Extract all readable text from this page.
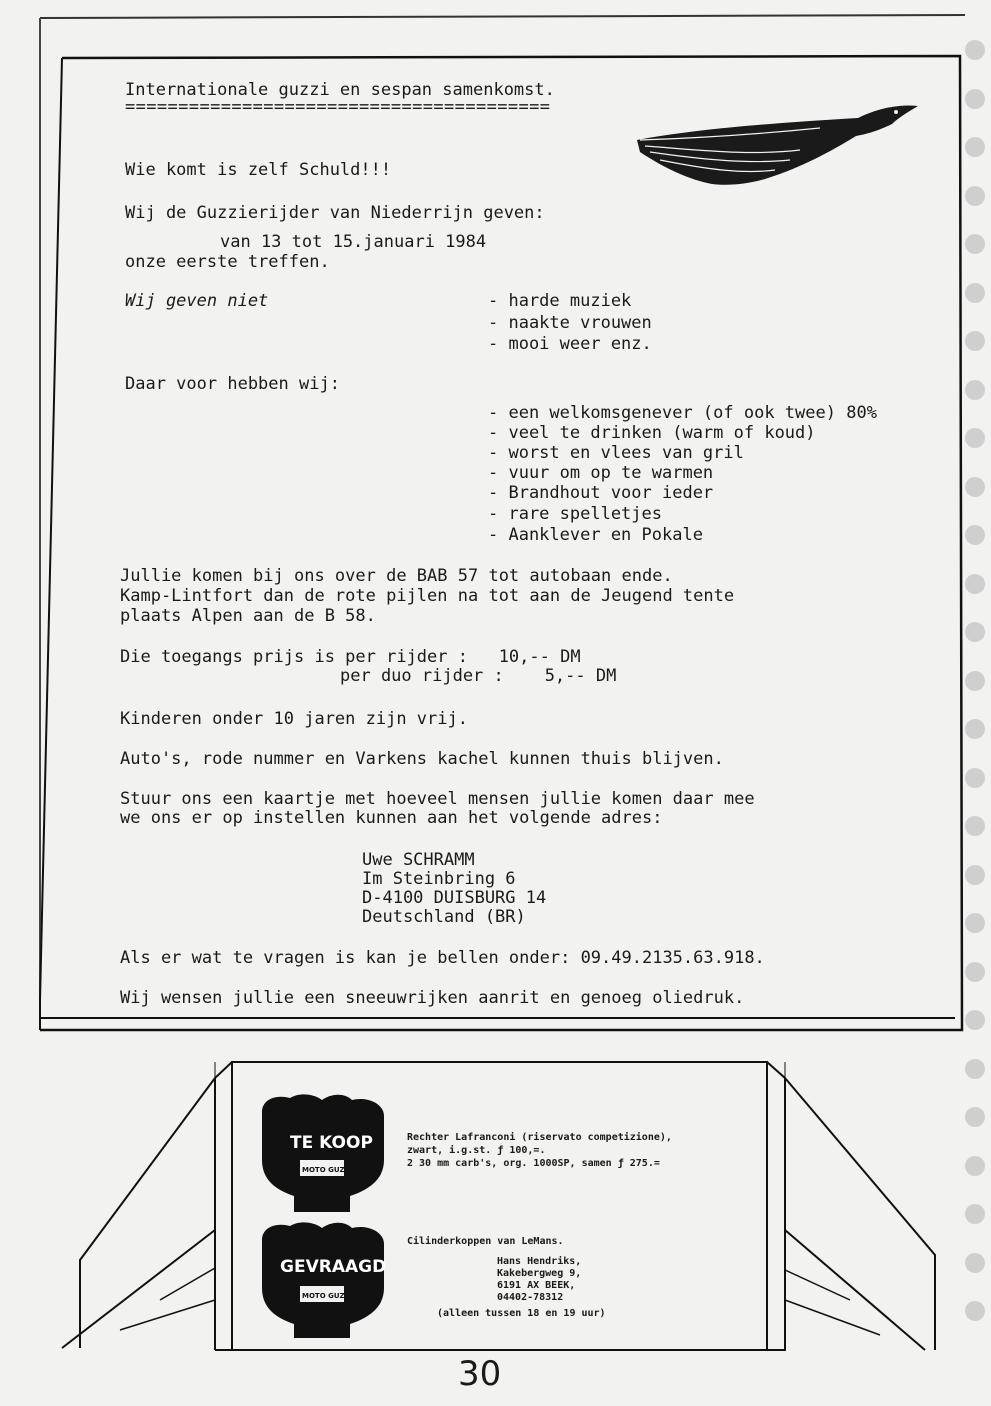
TE KOOP
MOTO GUZZI
GEVRAAGD
MOTO GUZZI
Internationale guzzi en sespan samenkomst.
========================================
Wie komt is zelf Schuld!!!
Wij de Guzzierijder van Niederrijn geven:
van 13 tot 15.januari 1984
onze eerste treffen.
Wij geven niet	- harde muziek
- naakte vrouwen
- mooi weer enz.
Daar voor hebben wij:
- een welkomsgenever (of ook twee) 80%
- veel te drinken (warm of koud)
- worst en vlees van gril
- vuur om op te warmen
- Brandhout voor ieder
- rare spelletjes
- Aanklever en Pokale
Jullie komen bij ons over de BAB 57 tot autobaan ende.
Kamp-Lintfort dan de rote pijlen na tot aan de Jeugend tente
plaats Alpen aan de B 58.
Die toegangs prijs is per rijder :   10,-- DM
per duo rijder :    5,-- DM
Kinderen onder 10 jaren zijn vrij.
Auto's, rode nummer en Varkens kachel kunnen thuis blijven.
Stuur ons een kaartje met hoeveel mensen jullie komen daar mee
we ons er op instellen kunnen aan het volgende adres:
Uwe SCHRAMM
Im Steinbring 6
D-4100 DUISBURG 14
Deutschland (BR)
Als er wat te vragen is kan je bellen onder: 09.49.2135.63.918.
Wij wensen jullie een sneeuwrijken aanrit en genoeg oliedruk.
Rechter Lafranconi (riservato competizione),
zwart, i.g.st. ƒ 100,=.
2 30 mm carb's, org. 1000SP, samen ƒ 275.=
Cilinderkoppen van LeMans.
Hans Hendriks,
Kakebergweg 9,
6191 AX BEEK,
04402-78312
(alleen tussen 18 en 19 uur)
30
